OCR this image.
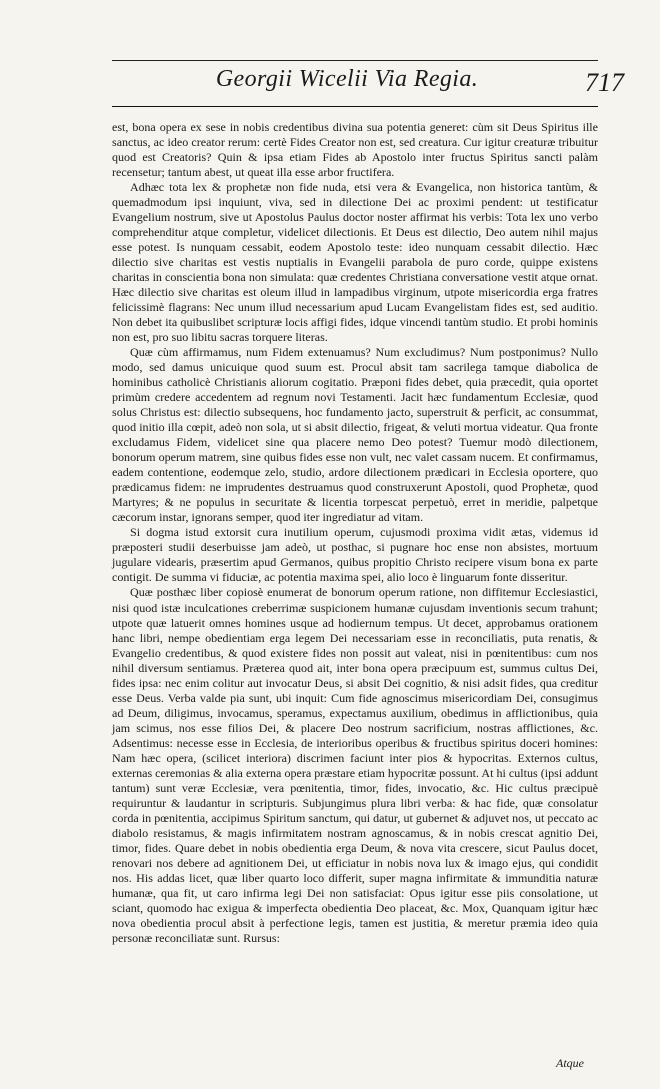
Georgii Wicelii Via Regia.	717

est, bona opera ex sese in nobis credentibus divina sua potentia generet: cùm sit Deus Spiritus ille sanctus, ac ideo creator rerum: certè Fides Creator non est, sed creatura. Cur igitur creaturæ tribuitur quod est Creatoris? Quin & ipsa etiam Fides ab Apostolo inter fructus Spiritus sancti palàm recensetur; tantum abest, ut queat illa esse arbor fructifera.

Adhæc tota lex & prophetæ non fide nuda, etsi vera & Evangelica, non historica tantùm, & quemadmodum ipsi inquiunt, viva, sed in dilectione Dei ac proximi pendent: ut testificatur Evangelium nostrum, sive ut Apostolus Paulus doctor noster affirmat his verbis: Tota lex uno verbo comprehenditur atque completur, videlicet dilectionis. Et Deus est dilectio, Deo autem nihil majus esse potest. Is nunquam cessabit, eodem Apostolo teste: ideo nunquam cessabit dilectio. Hæc dilectio sive charitas est vestis nuptialis in Evangelii parabola de puro corde, quippe existens charitas in conscientia bona non simulata: quæ credentes Christiana conversatione vestit atque ornat. Hæc dilectio sive charitas est oleum illud in lampadibus virginum, utpote misericordia erga fratres felicissimè flagrans: Nec unum illud necessarium apud Lucam Evangelistam fides est, sed auditio. Non debet ita quibuslibet scripturæ locis affigi fides, idque vincendi tantùm studio. Et probi hominis non est, pro suo libitu sacras torquere literas.

Quæ cùm affirmamus, num Fidem extenuamus? Num excludimus? Num postponimus? Nullo modo, sed damus unicuique quod suum est. Procul absit tam sacrilega tamque diabolica de hominibus catholicè Christianis aliorum cogitatio. Præponi fides debet, quia præcedit, quia oportet primùm credere accedentem ad regnum novi Testamenti. Jacit hæc fundamentum Ecclesiæ, quod solus Christus est: dilectio subsequens, hoc fundamento jacto, superstruit & perficit, ac consummat, quod initio illa cœpit, adeò non sola, ut si absit dilectio, frigeat, & veluti mortua videatur. Qua fronte excludamus Fidem, videlicet sine qua placere nemo Deo potest? Tuemur modò dilectionem, bonorum operum matrem, sine quibus fides esse non vult, nec valet cassam nucem. Et confirmamus, eadem contentione, eodemque zelo, studio, ardore dilectionem prædicari in Ecclesia oportere, quo prædicamus fidem: ne imprudentes destruamus quod construxerunt Apostoli, quod Prophetæ, quod Martyres; & ne populus in securitate & licentia torpescat perpetuò, erret in meridie, palpetque cæcorum instar, ignorans semper, quod iter ingrediatur ad vitam.

Si dogma istud extorsit cura inutilium operum, cujusmodi proxima vidit ætas, videmus id præposteri studii deserbuisse jam adeò, ut posthac, si pugnare hoc ense non absistes, mortuum jugulare videaris, præsertim apud Germanos, quibus propitio Christo recipere visum bona ex parte contigit. De summa vi fiduciæ, ac potentia maxima spei, alio loco è linguarum fonte disseritur.

Quæ posthæc liber copiosè enumerat de bonorum operum ratione, non diffitemur Ecclesiastici, nisi quod istæ inculcationes creberrimæ suspicionem humanæ cujusdam inventionis secum trahunt; utpote quæ latuerit omnes homines usque ad hodiernum tempus. Ut decet, approbamus orationem hanc libri, nempe obedientiam erga legem Dei necessariam esse in reconciliatis, puta renatis, & Evangelio credentibus, & quod existere fides non possit aut valeat, nisi in pœnitentibus: cum nos nihil diversum sentiamus. Præterea quod ait, inter bona opera præcipuum est, summus cultus Dei, fides ipsa: nec enim colitur aut invocatur Deus, si absit Dei cognitio, & nisi adsit fides, qua creditur esse Deus. Verba valde pia sunt, ubi inquit: Cum fide agnoscimus misericordiam Dei, consugimus ad Deum, diligimus, invocamus, speramus, expectamus auxilium, obedimus in afflictionibus, quia jam scimus, nos esse filios Dei, & placere Deo nostrum sacrificium, nostras afflictiones, &c. Adsentimus: necesse esse in Ecclesia, de interioribus operibus & fructibus spiritus doceri homines: Nam hæc opera, (scilicet interiora) discrimen faciunt inter pios & hypocritas. Externos cultus, externas ceremonias & alia externa opera præstare etiam hypocritæ possunt. At hi cultus (ipsi addunt tantum) sunt veræ Ecclesiæ, vera pœnitentia, timor, fides, invocatio, &c. Hic cultus præcipuè requiruntur & laudantur in scripturis. Subjungimus plura libri verba: & hac fide, quæ consolatur corda in pœnitentia, accipimus Spiritum sanctum, qui datur, ut gubernet & adjuvet nos, ut peccato ac diabolo resistamus, & magis infirmitatem nostram agnoscamus, & in nobis crescat agnitio Dei, timor, fides. Quare debet in nobis obedientia erga Deum, & nova vita crescere, sicut Paulus docet, renovari nos debere ad agnitionem Dei, ut efficiatur in nobis nova lux & imago ejus, qui condidit nos. His addas licet, quæ liber quarto loco differit, super magna infirmitate & immunditia naturæ humanæ, qua fit, ut caro infirma legi Dei non satisfaciat: Opus igitur esse piis consolatione, ut sciant, quomodo hac exigua & imperfecta obedientia Deo placeat, &c. Mox, Quanquam igitur hæc nova obedientia procul absit à perfectione legis, tamen est justitia, & meretur præmia ideo quia personæ reconciliatæ sunt. Rursus:

Atque
